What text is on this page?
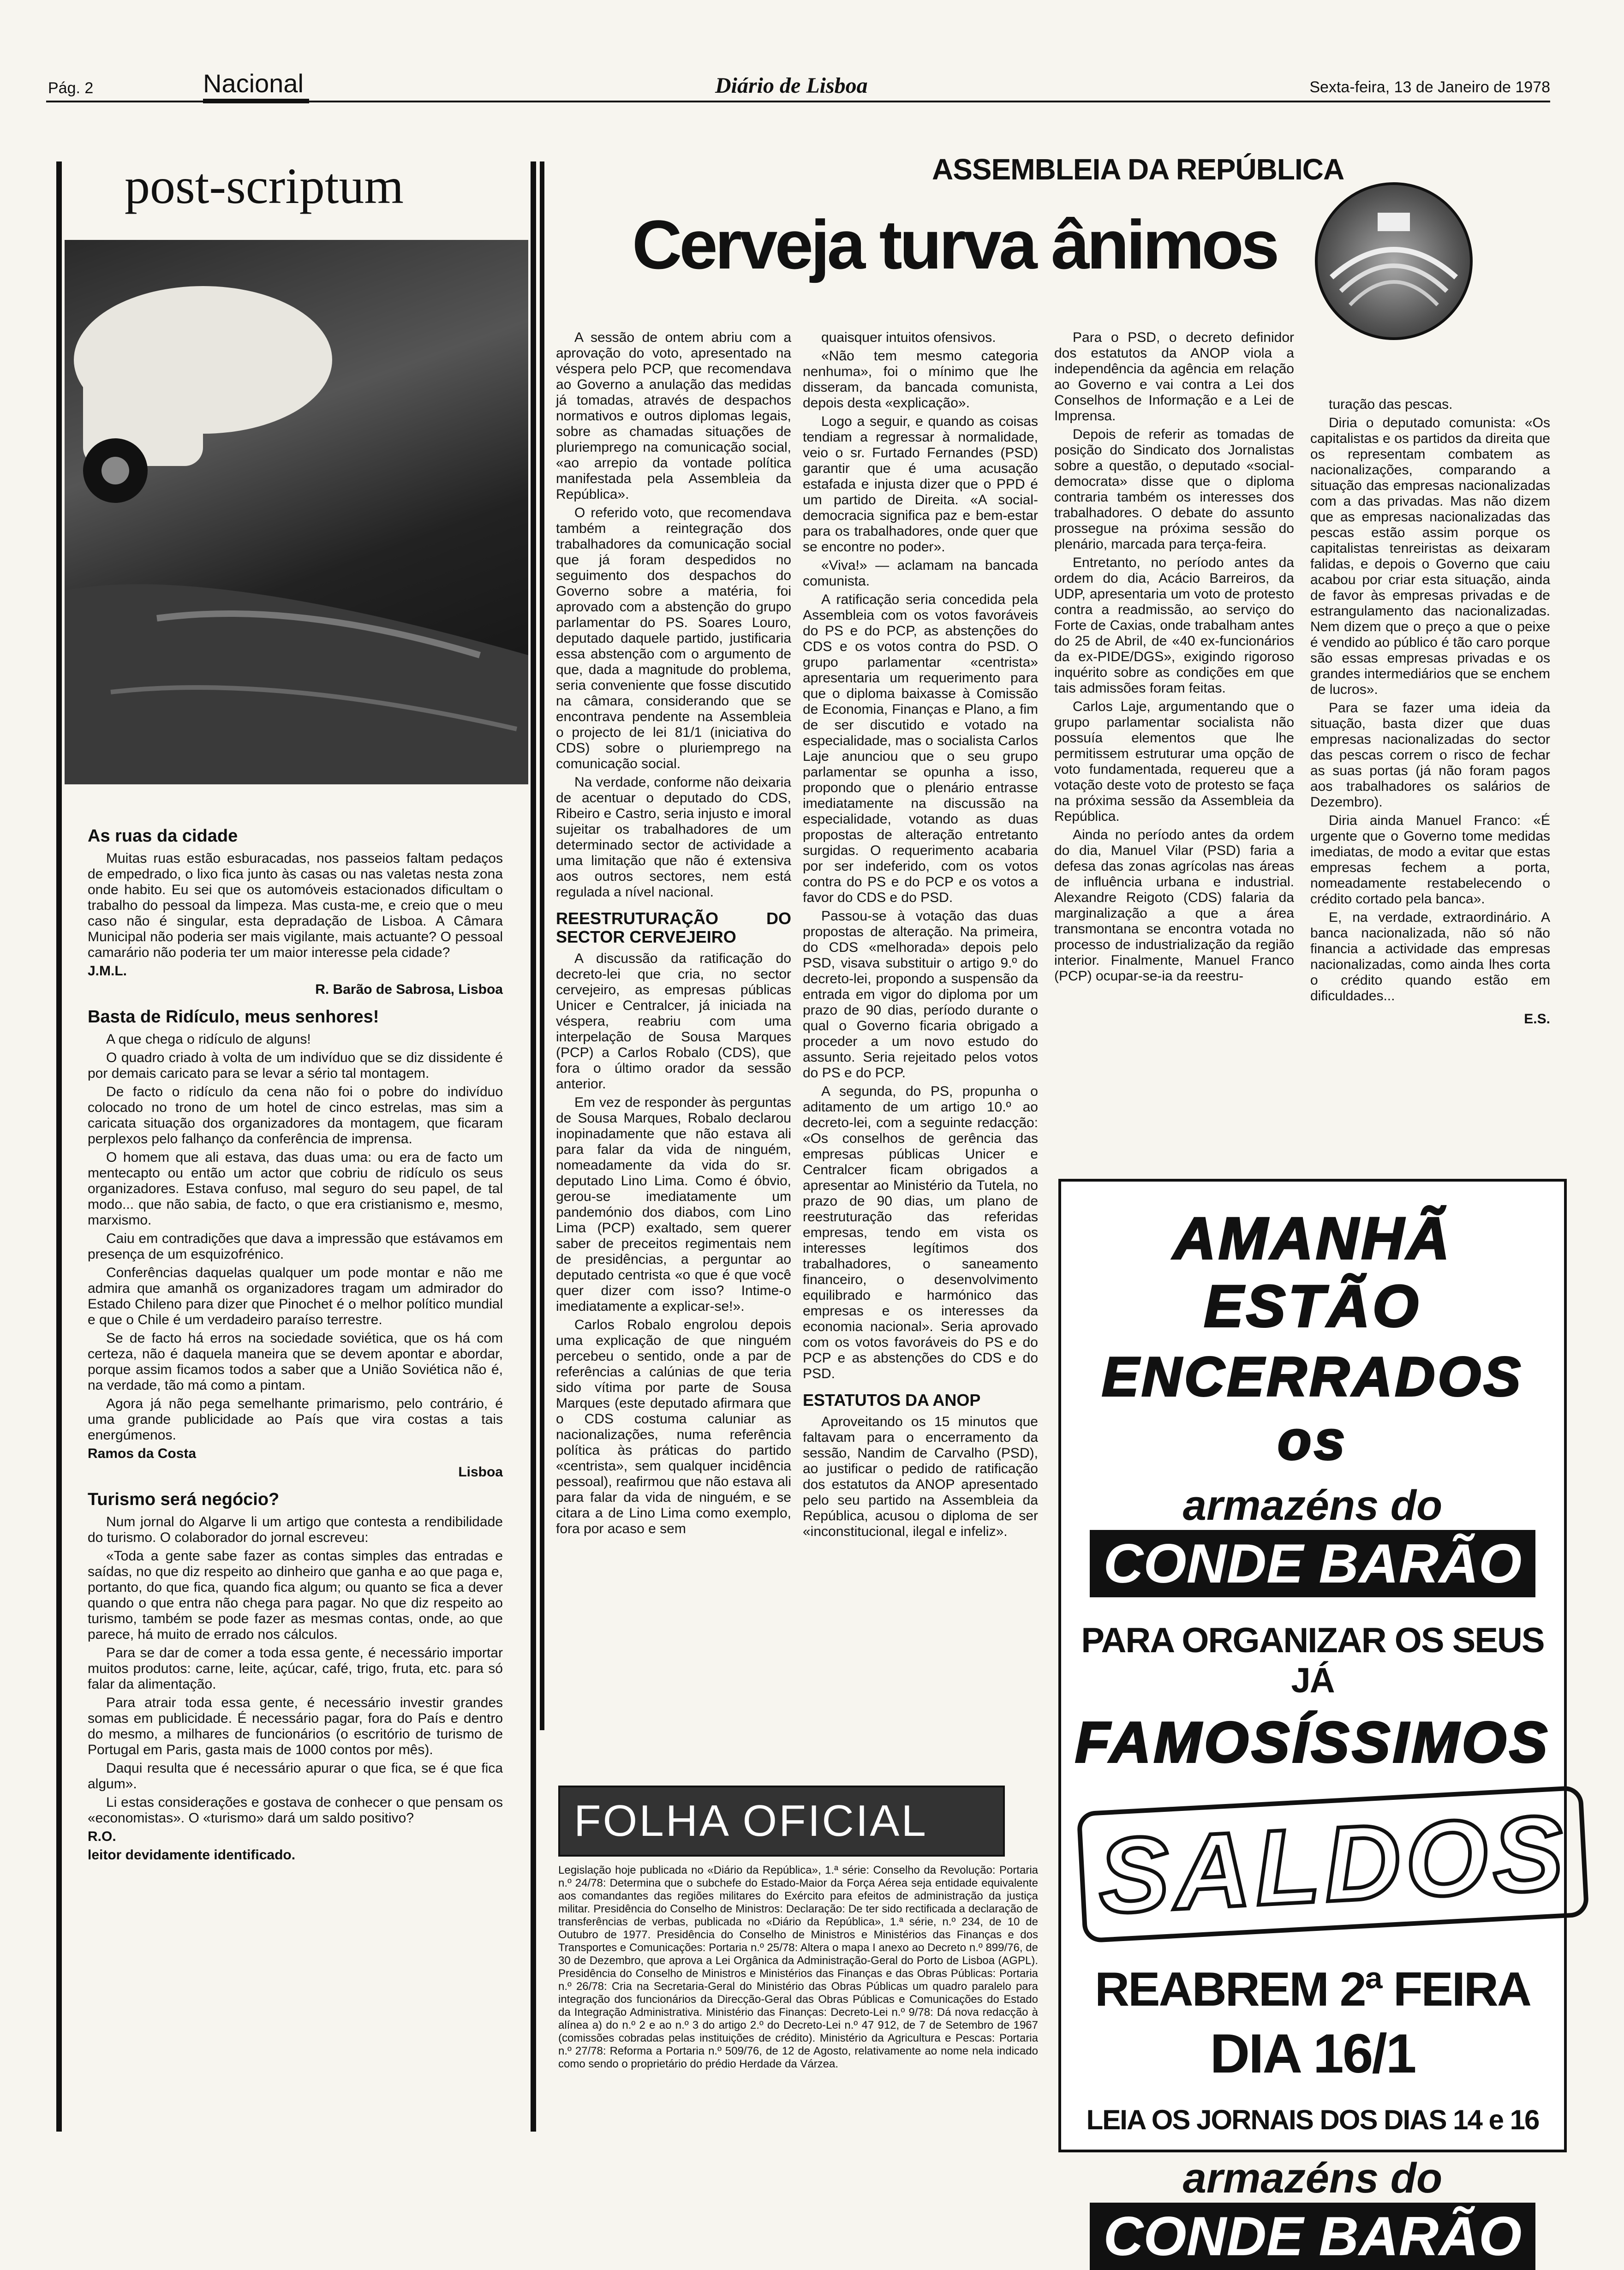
Pág. 2	Nacional	Diário de Lisboa	Sexta-feira, 13 de Janeiro de 1978
post-scriptum
As ruas da cidade

Muitas ruas estão esburacadas, nos passeios faltam pedaços de empedrado, o lixo fica junto às casas ou nas valetas nesta zona onde habito. Eu sei que os automóveis estacionados dificultam o trabalho do pessoal da limpeza. Mas custa-me, e creio que o meu caso não é singular, esta depradação de Lisboa. A Câmara Municipal não poderia ser mais vigilante, mais actuante? O pessoal camarário não poderia ter um maior interesse pela cidade?

J.M.L.

R. Barão de Sabrosa, Lisboa

Basta de Ridículo, meus senhores!

A que chega o ridículo de alguns!

O quadro criado à volta de um indivíduo que se diz dissidente é por demais caricato para se levar a sério tal montagem.

De facto o ridículo da cena não foi o pobre do indivíduo colocado no trono de um hotel de cinco estrelas, mas sim a caricata situação dos organizadores da montagem, que ficaram perplexos pelo falhanço da conferência de imprensa.

O homem que ali estava, das duas uma: ou era de facto um mentecapto ou então um actor que cobriu de ridículo os seus organizadores. Estava confuso, mal seguro do seu papel, de tal modo... que não sabia, de facto, o que era cristianismo e, mesmo, marxismo.

Caiu em contradições que dava a impressão que estávamos em presença de um esquizofrénico.

Conferências daquelas qualquer um pode montar e não me admira que amanhã os organizadores tragam um admirador do Estado Chileno para dizer que Pinochet é o melhor político mundial e que o Chile é um verdadeiro paraíso terrestre.

Se de facto há erros na sociedade soviética, que os há com certeza, não é daquela maneira que se devem apontar e abordar, porque assim ficamos todos a saber que a União Soviética não é, na verdade, tão má como a pintam.

Agora já não pega semelhante primarismo, pelo contrário, é uma grande publicidade ao País que vira costas a tais energúmenos.

Ramos da Costa

Lisboa

Turismo será negócio?

Num jornal do Algarve li um artigo que contesta a rendibilidade do turismo. O colaborador do jornal escreveu:

«Toda a gente sabe fazer as contas simples das entradas e saídas, no que diz respeito ao dinheiro que ganha e ao que paga e, portanto, do que fica, quando fica algum; ou quanto se fica a dever quando o que entra não chega para pagar. No que diz respeito ao turismo, também se pode fazer as mesmas contas, onde, ao que parece, há muito de errado nos cálculos.

Para se dar de comer a toda essa gente, é necessário importar muitos produtos: carne, leite, açúcar, café, trigo, fruta, etc. para só falar da alimentação.

Para atrair toda essa gente, é necessário investir grandes somas em publicidade. É necessário pagar, fora do País e dentro do mesmo, a milhares de funcionários (o escritório de turismo de Portugal em Paris, gasta mais de 1000 contos por mês).

Daqui resulta que é necessário apurar o que fica, se é que fica algum».

Li estas considerações e gostava de conhecer o que pensam os «economistas». O «turismo» dará um saldo positivo?

R.O.

leitor devidamente identificado.

ASSEMBLEIA DA REPÚBLICA
Cerveja turva ânimos

A sessão de ontem abriu com a aprovação do voto, apresentado na véspera pelo PCP, que recomendava ao Governo a anulação das medidas já tomadas, através de despachos normativos e outros diplomas legais, sobre as chamadas situações de pluriemprego na comunicação social, «ao arrepio da vontade política manifestada pela Assembleia da República».

O referido voto, que recomendava também a reintegração dos trabalhadores da comunicação social que já foram despedidos no seguimento dos despachos do Governo sobre a matéria, foi aprovado com a abstenção do grupo parlamentar do PS. Soares Louro, deputado daquele partido, justificaria essa abstenção com o argumento de que, dada a magnitude do problema, seria conveniente que fosse discutido na câmara, considerando que se encontrava pendente na Assembleia o projecto de lei 81/1 (iniciativa do CDS) sobre o pluriemprego na comunicação social.

Na verdade, conforme não deixaria de acentuar o deputado do CDS, Ribeiro e Castro, seria injusto e imoral sujeitar os trabalhadores de um determinado sector de actividade a uma limitação que não é extensiva aos outros sectores, nem está regulada a nível nacional.

REESTRUTURAÇÃO DO SECTOR CERVEJEIRO

A discussão da ratificação do decreto-lei que cria, no sector cervejeiro, as empresas públicas Unicer e Centralcer, já iniciada na véspera, reabriu com uma interpelação de Sousa Marques (PCP) a Carlos Robalo (CDS), que fora o último orador da sessão anterior.

Em vez de responder às perguntas de Sousa Marques, Robalo declarou inopinadamente que não estava ali para falar da vida de ninguém, nomeadamente da vida do sr. deputado Lino Lima. Como é óbvio, gerou-se imediatamente um pandemónio dos diabos, com Lino Lima (PCP) exaltado, sem querer saber de preceitos regimentais nem de presidências, a perguntar ao deputado centrista «o que é que você quer dizer com isso? Intime-o imediatamente a explicar-se!».

Carlos Robalo engrolou depois uma explicação de que ninguém percebeu o sentido, onde a par de referências a calúnias de que teria sido vítima por parte de Sousa Marques (este deputado afirmara que o CDS costuma caluniar as nacionalizações, numa referência política às práticas do partido «centrista», sem qualquer incidência pessoal), reafirmou que não estava ali para falar da vida de ninguém, e se citara a de Lino Lima como exemplo, fora por acaso e sem

quaisquer intuitos ofensivos.

«Não tem mesmo categoria nenhuma», foi o mínimo que lhe disseram, da bancada comunista, depois desta «explicação».

Logo a seguir, e quando as coisas tendiam a regressar à normalidade, veio o sr. Furtado Fernandes (PSD) garantir que é uma acusação estafada e injusta dizer que o PPD é um partido de Direita. «A social-democracia significa paz e bem-estar para os trabalhadores, onde quer que se encontre no poder».

«Viva!» — aclamam na bancada comunista.

A ratificação seria concedida pela Assembleia com os votos favoráveis do PS e do PCP, as abstenções do CDS e os votos contra do PSD. O grupo parlamentar «centrista» apresentaria um requerimento para que o diploma baixasse à Comissão de Economia, Finanças e Plano, a fim de ser discutido e votado na especialidade, mas o socialista Carlos Laje anunciou que o seu grupo parlamentar se opunha a isso, propondo que o plenário entrasse imediatamente na discussão na especialidade, votando as duas propostas de alteração entretanto surgidas. O requerimento acabaria por ser indeferido, com os votos contra do PS e do PCP e os votos a favor do CDS e do PSD.

Passou-se à votação das duas propostas de alteração. Na primeira, do CDS «melhorada» depois pelo PSD, visava substituir o artigo 9.º do decreto-lei, propondo a suspensão da entrada em vigor do diploma por um prazo de 90 dias, período durante o qual o Governo ficaria obrigado a proceder a um novo estudo do assunto. Seria rejeitado pelos votos do PS e do PCP.

A segunda, do PS, propunha o aditamento de um artigo 10.º ao decreto-lei, com a seguinte redacção: «Os conselhos de gerência das empresas públicas Unicer e Centralcer ficam obrigados a apresentar ao Ministério da Tutela, no prazo de 90 dias, um plano de reestruturação das referidas empresas, tendo em vista os interesses legítimos dos trabalhadores, o saneamento financeiro, o desenvolvimento equilibrado e harmónico das empresas e os interesses da economia nacional». Seria aprovado com os votos favoráveis do PS e do PCP e as abstenções do CDS e do PSD.

ESTATUTOS DA ANOP

Aproveitando os 15 minutos que faltavam para o encerramento da sessão, Nandim de Carvalho (PSD), ao justificar o pedido de ratificação dos estatutos da ANOP apresentado pelo seu partido na Assembleia da República, acusou o diploma de ser «inconstitucional, ilegal e infeliz».

Para o PSD, o decreto definidor dos estatutos da ANOP viola a independência da agência em relação ao Governo e vai contra a Lei dos Conselhos de Informação e a Lei de Imprensa.

Depois de referir as tomadas de posição do Sindicato dos Jornalistas sobre a questão, o deputado «social-democrata» disse que o diploma contraria também os interesses dos trabalhadores. O debate do assunto prossegue na próxima sessão do plenário, marcada para terça-feira.

Entretanto, no período antes da ordem do dia, Acácio Barreiros, da UDP, apresentaria um voto de protesto contra a readmissão, ao serviço do Forte de Caxias, onde trabalham antes do 25 de Abril, de «40 ex-funcionários da ex-PIDE/DGS», exigindo rigoroso inquérito sobre as condições em que tais admissões foram feitas.

Carlos Laje, argumentando que o grupo parlamentar socialista não possuía elementos que lhe permitissem estruturar uma opção de voto fundamentada, requereu que a votação deste voto de protesto se faça na próxima sessão da Assembleia da República.

Ainda no período antes da ordem do dia, Manuel Vilar (PSD) faria a defesa das zonas agrícolas nas áreas de influência urbana e industrial. Alexandre Reigoto (CDS) falaria da marginalização a que a área transmontana se encontra votada no processo de industrialização da região interior. Finalmente, Manuel Franco (PCP) ocupar-se-ia da reestru-

turação das pescas.

Diria o deputado comunista: «Os capitalistas e os partidos da direita que os representam combatem as nacionalizações, comparando a situação das empresas nacionalizadas com a das privadas. Mas não dizem que as empresas nacionalizadas das pescas estão assim porque os capitalistas tenreiristas as deixaram falidas, e depois o Governo que caiu acabou por criar esta situação, ainda de favor às empresas privadas e de estrangulamento das nacionalizadas. Nem dizem que o preço a que o peixe é vendido ao público é tão caro porque são essas empresas privadas e os grandes intermediários que se enchem de lucros».

Para se fazer uma ideia da situação, basta dizer que duas empresas nacionalizadas do sector das pescas correm o risco de fechar as suas portas (já não foram pagos aos trabalhadores os salários de Dezembro).

Diria ainda Manuel Franco: «É urgente que o Governo tome medidas imediatas, de modo a evitar que estas empresas fechem a porta, nomeadamente restabelecendo o crédito cortado pela banca».

E, na verdade, extraordinário. A banca nacionalizada, não só não financia a actividade das empresas nacionalizadas, como ainda lhes corta o crédito quando estão em dificuldades...

E.S.

FOLHA OFICIAL
Legislação hoje publicada no «Diário da República», 1.ª série: Conselho da Revolução: Portaria n.º 24/78: Determina que o subchefe do Estado-Maior da Força Aérea seja entidade equivalente aos comandantes das regiões militares do Exército para efeitos de administração da justiça militar. Presidência do Conselho de Ministros: Declaração: De ter sido rectificada a declaração de transferências de verbas, publicada no «Diário da República», 1.ª série, n.º 234, de 10 de Outubro de 1977. Presidência do Conselho de Ministros e Ministérios das Finanças e dos Transportes e Comunicações: Portaria n.º 25/78: Altera o mapa I anexo ao Decreto n.º 899/76, de 30 de Dezembro, que aprova a Lei Orgânica da Administração-Geral do Porto de Lisboa (AGPL). Presidência do Conselho de Ministros e Ministérios das Finanças e das Obras Públicas: Portaria n.º 26/78: Cria na Secretaria-Geral do Ministério das Obras Públicas um quadro paralelo para integração dos funcionários da Direcção-Geral das Obras Públicas e Comunicações do Estado da Integração Administrativa. Ministério das Finanças: Decreto-Lei n.º 9/78: Dá nova redacção à alínea a) do n.º 2 e ao n.º 3 do artigo 2.º do Decreto-Lei n.º 47 912, de 7 de Setembro de 1967 (comissões cobradas pelas instituições de crédito). Ministério da Agricultura e Pescas: Portaria n.º 27/78: Reforma a Portaria n.º 509/76, de 12 de Agosto, relativamente ao nome nela indicado como sendo o proprietário do prédio Herdade da Várzea.
AMANHÃ ESTÃO
ENCERRADOS os
armazéns do
CONDE BARÃO
PARA ORGANIZAR OS SEUS JÁ
FAMOSÍSSIMOS
SALDOS
REABREM 2ª FEIRA
DIA 16/1
LEIA OS JORNAIS DOS DIAS 14 e 16
armazéns do
CONDE BARÃO
